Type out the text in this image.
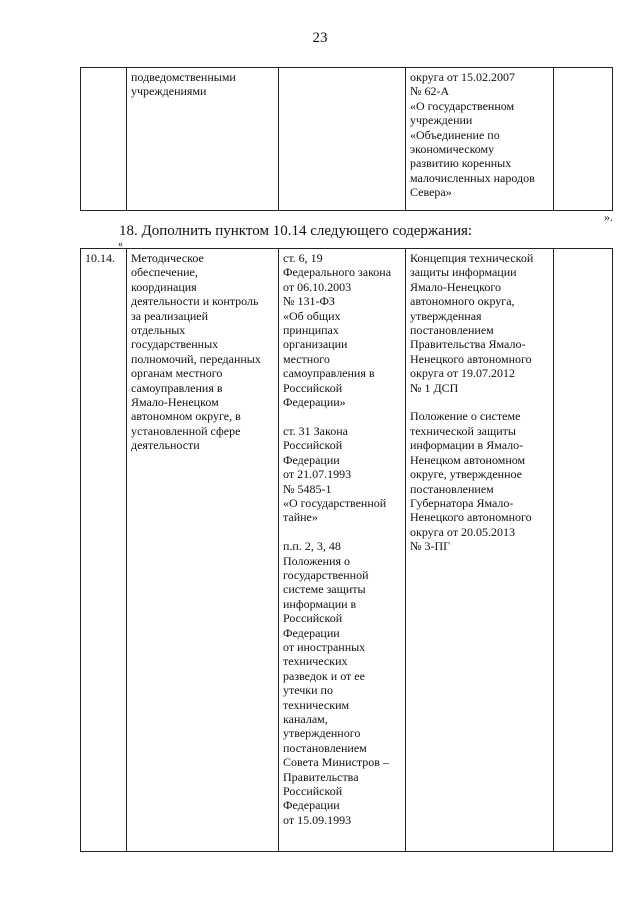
23
	подведомственными
учреждениями		округа от 15.02.2007
№ 62-А
«О государственном
учреждении
«Объединение по
экономическому
развитию коренных
малочисленных народов
Севера»	
».
18. Дополнить пунктом 10.14 следующего содержания:
«
10.14.	Методическое
обеспечение,
координация
деятельности и контроль
за реализацией
отдельных
государственных
полномочий, переданных
органам местного
самоуправления в
Ямало-Ненецком
автономном округе, в
установленной сфере
деятельности	ст. 6, 19
Федерального закона
от 06.10.2003
№ 131-ФЗ
«Об общих
принципах
организации
местного
самоуправления в
Российской
Федерации»

ст. 31 Закона
Российской
Федерации
от 21.07.1993
№ 5485-1
«О государственной
тайне»

п.п. 2, 3, 48
Положения о
государственной
системе защиты
информации в
Российской
Федерации
от иностранных
технических
разведок и от ее
утечки по
техническим
каналам,
утвержденного
постановлением
Совета Министров –
Правительства
Российской
Федерации
от 15.09.1993	Концепция технической
защиты информации
Ямало-Ненецкого
автономного округа,
утвержденная
постановлением
Правительства Ямало-
Ненецкого автономного
округа от 19.07.2012
№ 1 ДСП

Положение о системе
технической защиты
информации в Ямало-
Ненецком автономном
округе, утвержденное
постановлением
Губернатора Ямало-
Ненецкого автономного
округа от 20.05.2013
№ 3-ПГ	
